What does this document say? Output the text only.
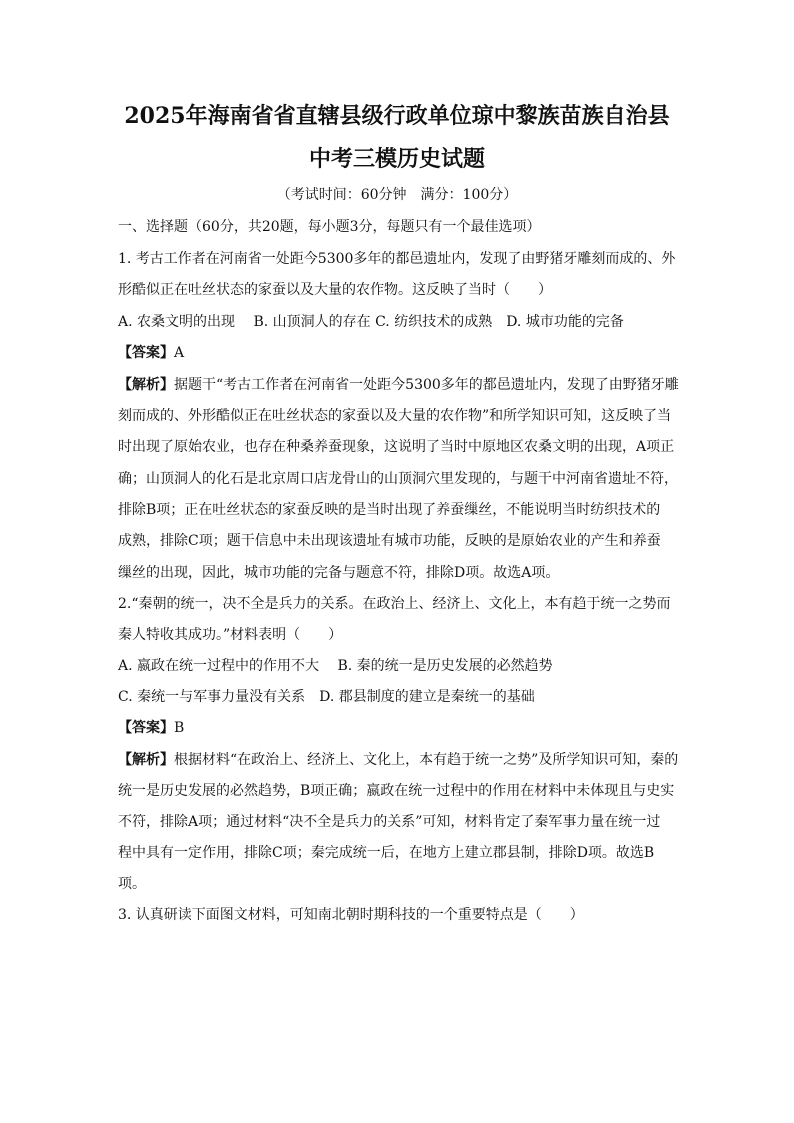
2025年海南省省直辖县级行政单位琼中黎族苗族自治县
中考三模历史试题
（考试时间：60分钟　满分：100分）
一、选择题（60分，共20题，每小题3分，每题只有一个最佳选项）
1. 考古工作者在河南省一处距今5300多年的都邑遗址内，发现了由野猪牙雕刻而成的、外
形酷似正在吐丝状态的家蚕以及大量的农作物。这反映了当时（　　）
A. 农桑文明的出现　 B. 山顶洞人的存在 C. 纺织技术的成熟　D. 城市功能的完备
【答案】A
【解析】据题干“考古工作者在河南省一处距今5300多年的都邑遗址内，发现了由野猪牙雕
刻而成的、外形酷似正在吐丝状态的家蚕以及大量的农作物”和所学知识可知，这反映了当
时出现了原始农业，也存在种桑养蚕现象，这说明了当时中原地区农桑文明的出现，A项正
确；山顶洞人的化石是北京周口店龙骨山的山顶洞穴里发现的，与题干中河南省遗址不符，
排除B项；正在吐丝状态的家蚕反映的是当时出现了养蚕缫丝，不能说明当时纺织技术的
成熟，排除C项；题干信息中未出现该遗址有城市功能，反映的是原始农业的产生和养蚕
缫丝的出现，因此，城市功能的完备与题意不符，排除D项。故选A项。
2.“秦朝的统一，决不全是兵力的关系。在政治上、经济上、文化上，本有趋于统一之势而
秦人特收其成功。”材料表明（　　）
A. 嬴政在统一过程中的作用不大　 B. 秦的统一是历史发展的必然趋势
C. 秦统一与军事力量没有关系　D. 郡县制度的建立是秦统一的基础
【答案】B
【解析】根据材料“在政治上、经济上、文化上，本有趋于统一之势”及所学知识可知，秦的
统一是历史发展的必然趋势，B项正确；嬴政在统一过程中的作用在材料中未体现且与史实
不符，排除A项；通过材料“决不全是兵力的关系”可知，材料肯定了秦军事力量在统一过
程中具有一定作用，排除C项；秦完成统一后，在地方上建立郡县制，排除D项。故选B
项。
3. 认真研读下面图文材料，可知南北朝时期科技的一个重要特点是（　　）
